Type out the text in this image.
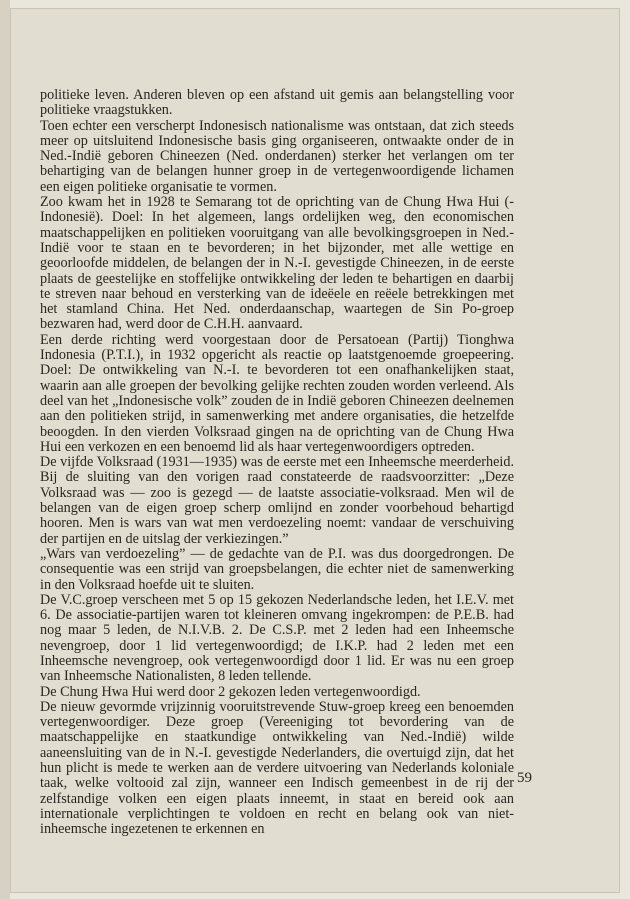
politieke leven. Anderen bleven op een afstand uit gemis aan belangstelling voor politieke vraagstukken.

Toen echter een verscherpt Indonesisch nationalisme was ontstaan, dat zich steeds meer op uitsluitend Indonesische basis ging organiseeren, ontwaakte onder de in Ned.-Indië geboren Chineezen (Ned. onderdanen) sterker het verlangen om ter behartiging van de belangen hunner groep in de vertegenwoordigende lichamen een eigen politieke organisatie te vormen.

Zoo kwam het in 1928 te Semarang tot de oprichting van de Chung Hwa Hui (-Indonesië). Doel: In het algemeen, langs ordelijken weg, den economischen maatschappelijken en politieken vooruitgang van alle bevolkingsgroepen in Ned.-Indië voor te staan en te bevorderen; in het bijzonder, met alle wettige en geoorloofde middelen, de belangen der in N.-I. gevestigde Chineezen, in de eerste plaats de geestelijke en stoffelijke ontwikkeling der leden te behartigen en daarbij te streven naar behoud en versterking van de ideëele en reëele betrekkingen met het stamland China. Het Ned. onderdaanschap, waartegen de Sin Po-groep bezwaren had, werd door de C.H.H. aanvaard.

Een derde richting werd voorgestaan door de Persatoean (Partij) Tionghwa Indonesia (P.T.I.), in 1932 opgericht als reactie op laatstgenoemde groepeering. Doel: De ontwikkeling van N.-I. te bevorderen tot een onafhankelijken staat, waarin aan alle groepen der bevolking gelijke rechten zouden worden verleend. Als deel van het „Indonesische volk” zouden de in Indië geboren Chineezen deelnemen aan den politieken strijd, in samenwerking met andere organisaties, die hetzelfde beoogden. In den vierden Volksraad gingen na de oprichting van de Chung Hwa Hui een verkozen en een benoemd lid als haar vertegenwoordigers optreden.

De vijfde Volksraad (1931—1935) was de eerste met een Inheemsche meerderheid. Bij de sluiting van den vorigen raad constateerde de raadsvoorzitter: „Deze Volksraad was — zoo is gezegd — de laatste associatie-volksraad. Men wil de belangen van de eigen groep scherp omlijnd en zonder voorbehoud behartigd hooren. Men is wars van wat men verdoezeling noemt: vandaar de verschuiving der partijen en de uitslag der verkiezingen.”

„Wars van verdoezeling” — de gedachte van de P.I. was dus doorgedrongen. De consequentie was een strijd van groepsbelangen, die echter niet de samenwerking in den Volksraad hoefde uit te sluiten.

De V.C.groep verscheen met 5 op 15 gekozen Nederlandsche leden, het I.E.V. met 6. De associatie-partijen waren tot kleineren omvang ingekrompen: de P.E.B. had nog maar 5 leden, de N.I.V.B. 2. De C.S.P. met 2 leden had een Inheemsche nevengroep, door 1 lid vertegenwoordigd; de I.K.P. had 2 leden met een Inheemsche nevengroep, ook vertegenwoordigd door 1 lid. Er was nu een groep van Inheemsche Nationalisten, 8 leden tellende.

De Chung Hwa Hui werd door 2 gekozen leden vertegenwoordigd.

De nieuw gevormde vrijzinnig vooruitstrevende Stuw-groep kreeg een benoemden vertegenwoordiger. Deze groep (Vereeniging tot bevordering van de maatschappelijke en staatkundige ontwikkeling van Ned.-Indië) wilde aaneensluiting van de in N.-I. gevestigde Nederlanders, die overtuigd zijn, dat het hun plicht is mede te werken aan de verdere uitvoering van Nederlands koloniale taak, welke voltooid zal zijn, wanneer een Indisch gemeenbest in de rij der zelfstandige volken een eigen plaats inneemt, in staat en bereid ook aan internationale verplichtingen te voldoen en recht en belang ook van niet-inheemsche ingezetenen te erkennen en

59
